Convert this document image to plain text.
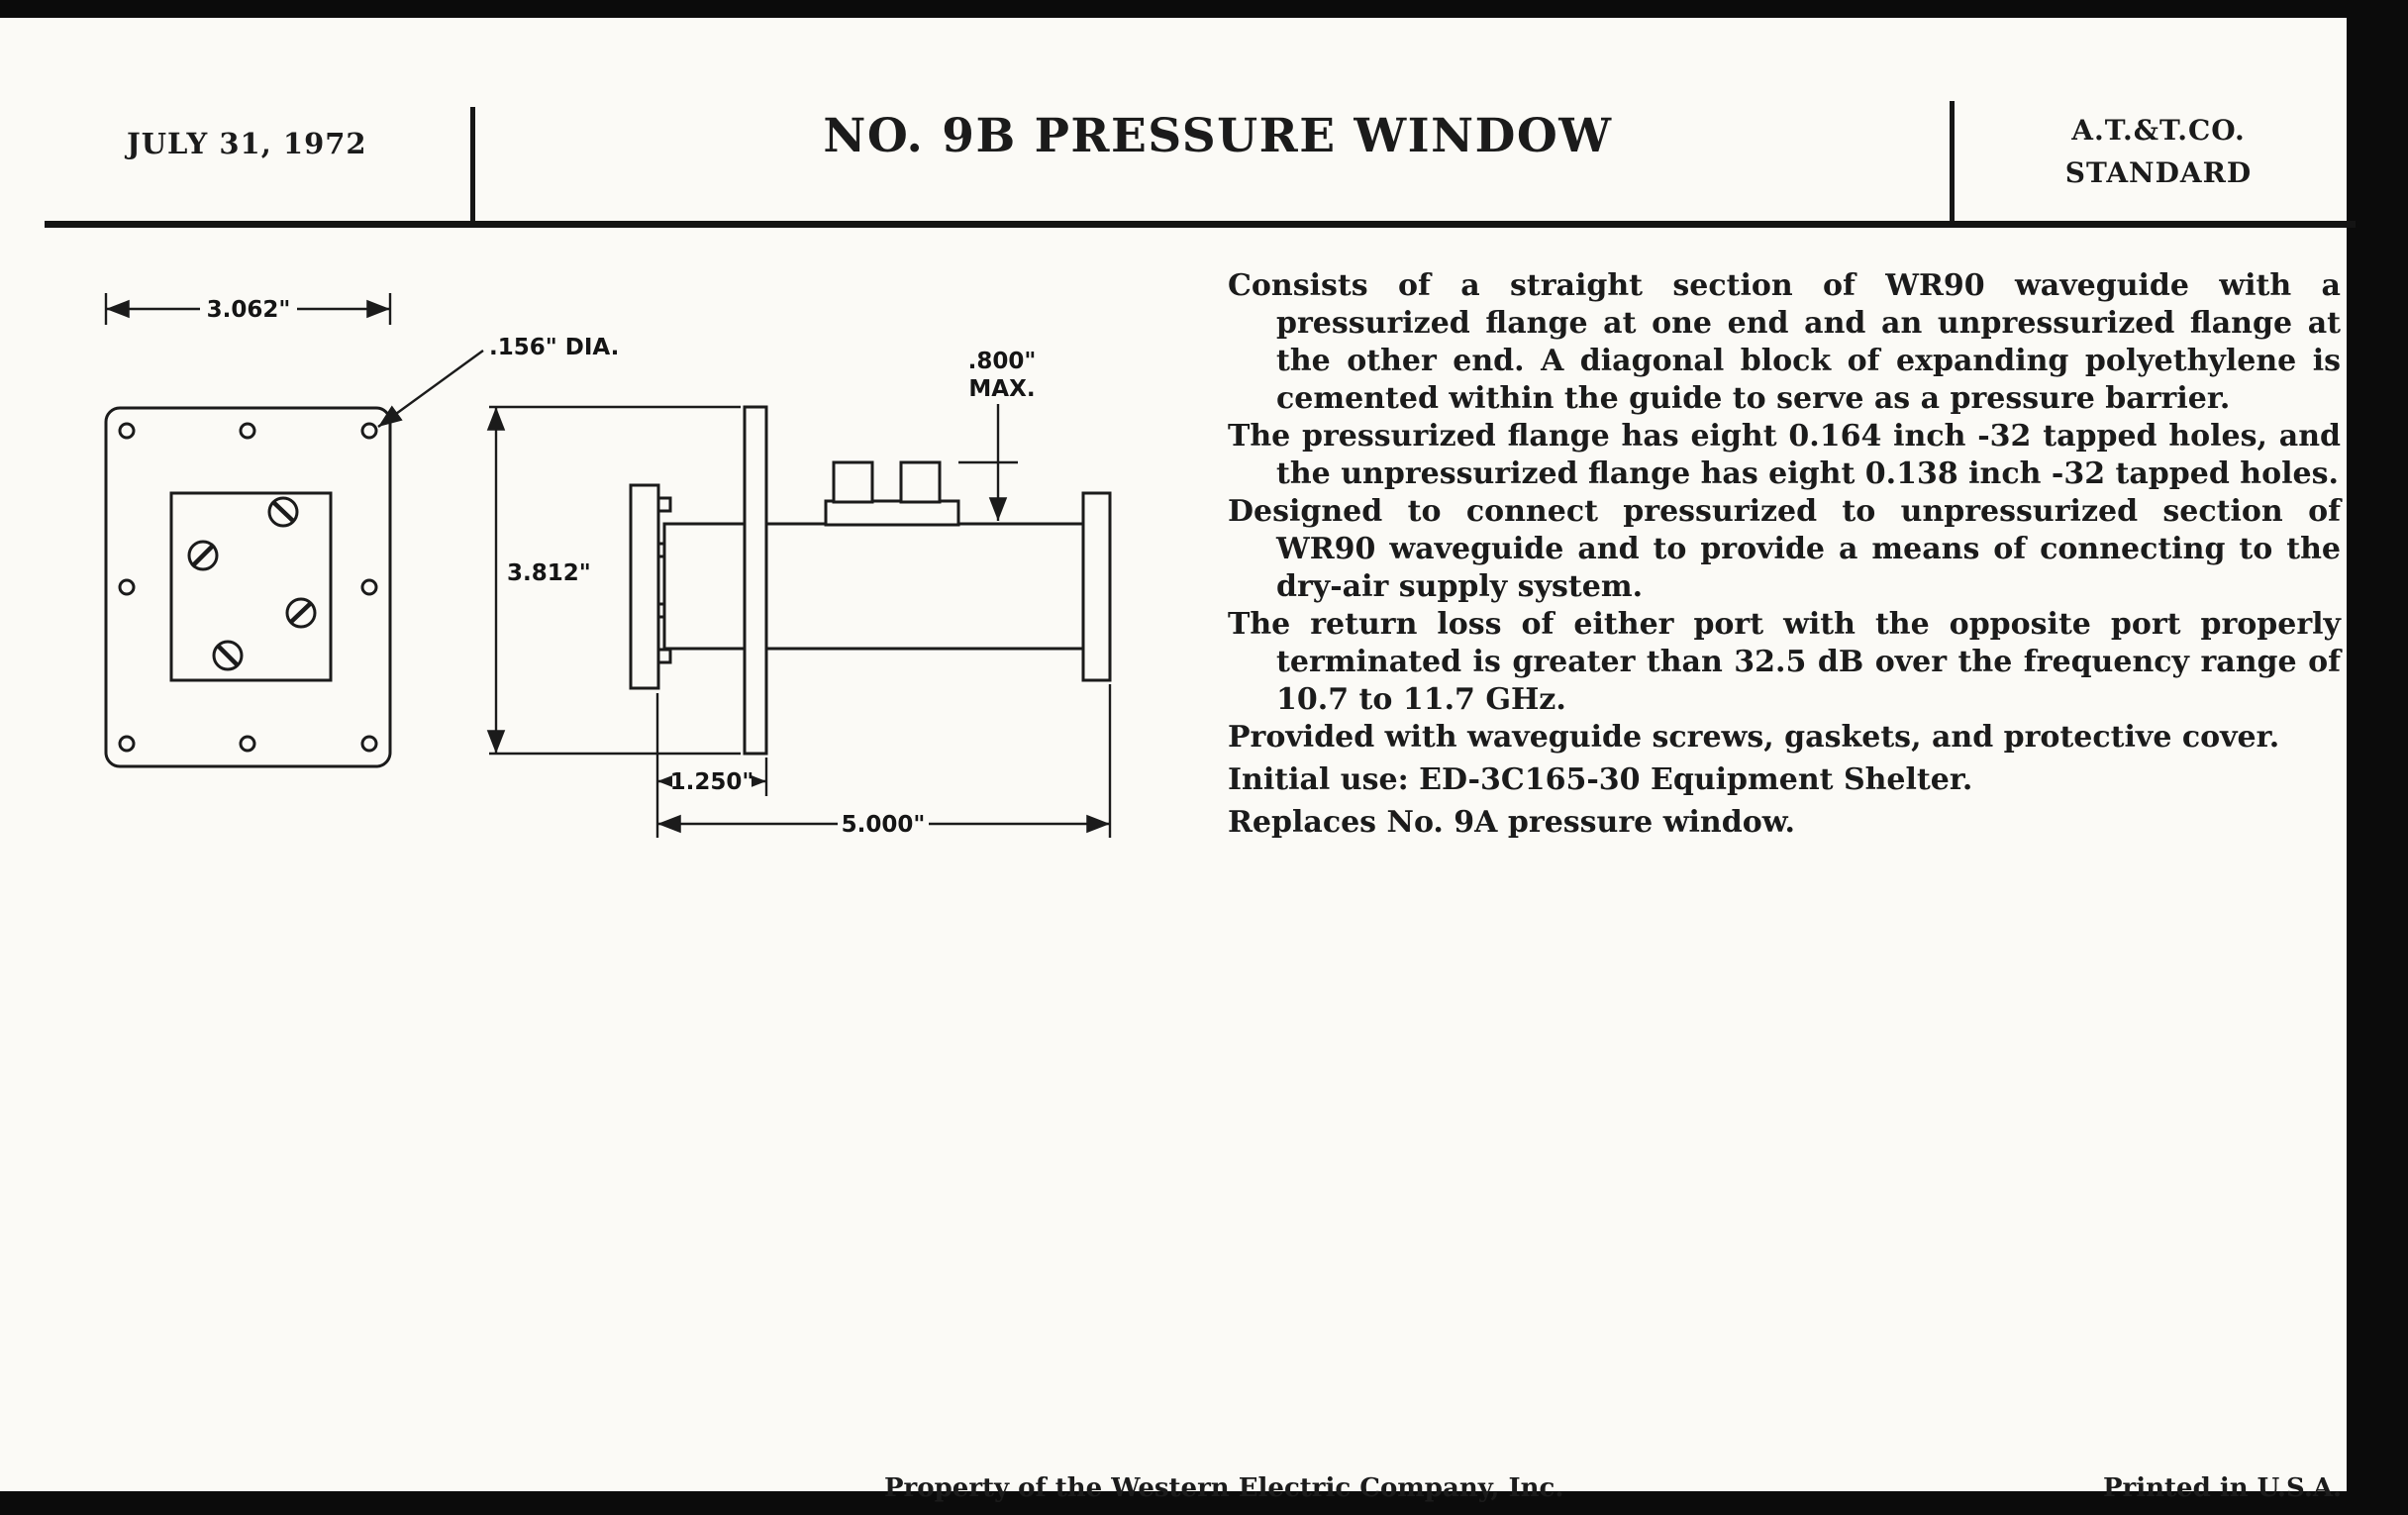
JULY 31, 1972	NO. 9B PRESSURE WINDOW	A.T.&T.CO.
STANDARD
3.062"
.156" DIA.
.800"
MAX.
3.812"
1.250"
5.000"

Consists of a straight section of WR90 waveguide with a pressurized flange at one end and an unpressurized flange at the other end. A diagonal block of expanding polyethylene is cemented within the guide to serve as a pressure barrier.

The pressurized flange has eight 0.164 inch -32 tapped holes, and the unpressurized flange has eight 0.138 inch -32 tapped holes.

Designed to connect pressurized to unpressurized section of WR90 waveguide and to provide a means of connecting to the dry-air supply system.

The return loss of either port with the opposite port properly terminated is greater than 32.5 dB over the frequency range of 10.7 to 11.7 GHz.

Provided with waveguide screws, gaskets, and protective cover.

Initial use: ED-3C165-30 Equipment Shelter.

Replaces No. 9A pressure window.

Property of the Western Electric Company, Inc.	Printed in U.S.A.
